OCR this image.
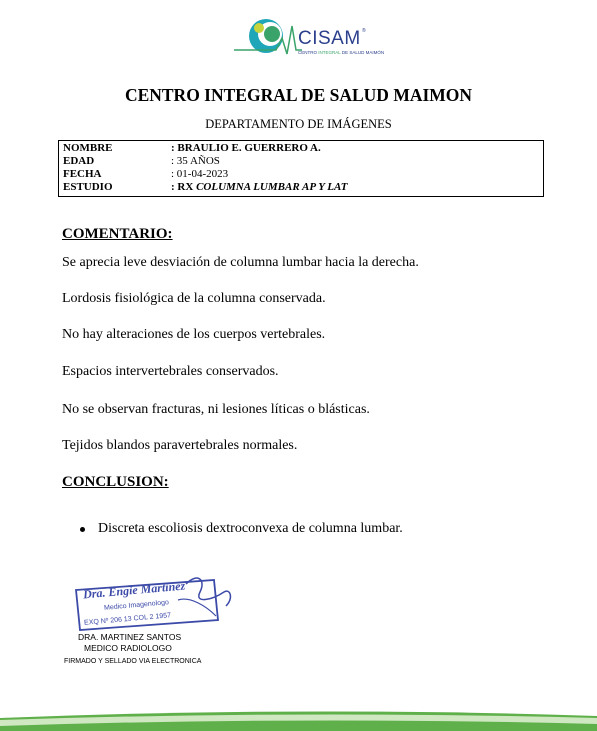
CISAM ®
CENTRO INTEGRAL DE SALUD MAIMÓN
CENTRO INTEGRAL DE SALUD MAIMON
DEPARTAMENTO DE IMÁGENES
NOMBRE	: BRAULIO E. GUERRERO A.
EDAD	: 35 AÑOS
FECHA	: 01-04-2023
ESTUDIO	: RX COLUMNA LUMBAR AP Y LAT
COMENTARIO:
Se aprecia leve desviación de columna lumbar hacia la derecha.
Lordosis fisiológica de la columna conservada.
No hay alteraciones de los cuerpos vertebrales.
Espacios intervertebrales conservados.
No se observan fracturas, ni lesiones líticas o blásticas.
Tejidos blandos paravertebrales normales.
CONCLUSION:
Discreta escoliosis dextroconvexa de columna lumbar.
Dra. Engie Martinez
Medico Imagenologo
EXQ Nº 206 13 COL 2 1957
DRA. MARTINEZ SANTOS
MEDICO RADIOLOGO
FIRMADO Y SELLADO VIA ELECTRONICA
